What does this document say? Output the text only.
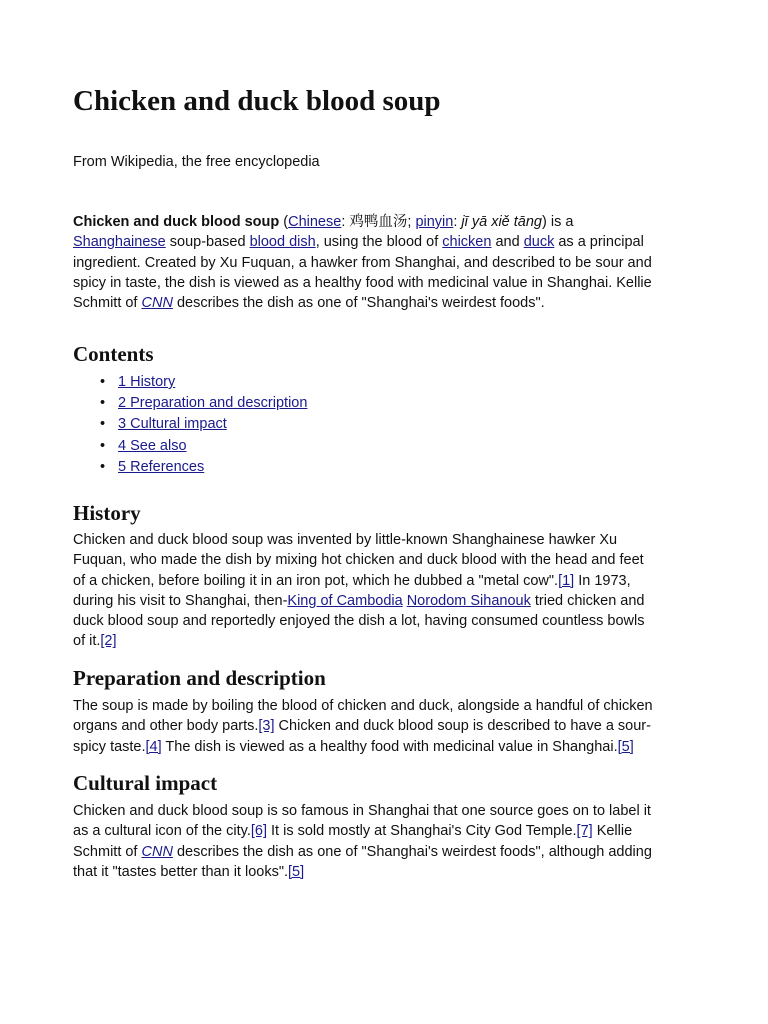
Chicken and duck blood soup

From Wikipedia, the free encyclopedia

Chicken and duck blood soup (Chinese: 鸡鸭血汤; pinyin: jī yā xiě tāng) is a
Shanghainese soup-based blood dish, using the blood of chicken and duck as a principal
ingredient. Created by Xu Fuquan, a hawker from Shanghai, and described to be sour and
spicy in taste, the dish is viewed as a healthy food with medicinal value in Shanghai. Kellie
Schmitt of CNN describes the dish as one of "Shanghai's weirdest foods".
Contents
• 1 History
• 2 Preparation and description
• 3 Cultural impact
• 4 See also
• 5 References
History
Chicken and duck blood soup was invented by little-known Shanghainese hawker Xu
Fuquan, who made the dish by mixing hot chicken and duck blood with the head and feet
of a chicken, before boiling it in an iron pot, which he dubbed a "metal cow".[1] In 1973,
during his visit to Shanghai, then-King of Cambodia Norodom Sihanouk tried chicken and
duck blood soup and reportedly enjoyed the dish a lot, having consumed countless bowls
of it.[2]
Preparation and description
The soup is made by boiling the blood of chicken and duck, alongside a handful of chicken
organs and other body parts.[3] Chicken and duck blood soup is described to have a sour-
spicy taste.[4] The dish is viewed as a healthy food with medicinal value in Shanghai.[5]
Cultural impact
Chicken and duck blood soup is so famous in Shanghai that one source goes on to label it
as a cultural icon of the city.[6] It is sold mostly at Shanghai's City God Temple.[7] Kellie
Schmitt of CNN describes the dish as one of "Shanghai's weirdest foods", although adding
that it "tastes better than it looks".[5]
